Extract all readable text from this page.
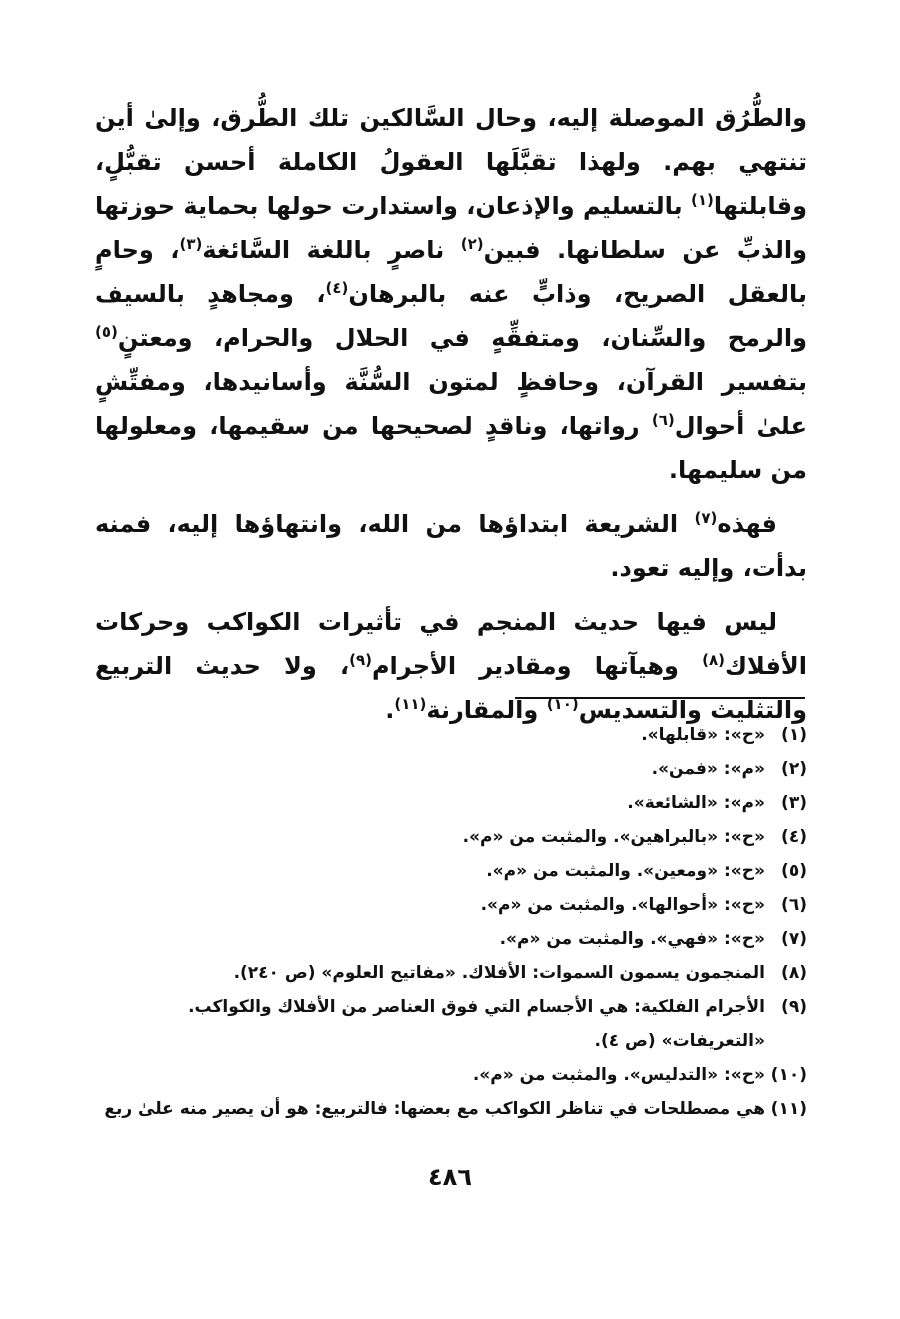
والطُّرُق الموصلة إليه، وحال السَّالكين تلك الطُّرق، وإلىٰ أين تنتهي بهم. ولهذا تقبَّلَها العقولُ الكاملة أحسن تقبُّلٍ، وقابلتها$^{(١)}$ بالتسليم والإذعان، واستدارت حولها بحماية حوزتها والذبِّ عن سلطانها. فبين$^{(٢)}$ ناصرٍ باللغة السَّائغة$^{(٣)}$، وحامٍ بالعقل الصريح، وذابٍّ عنه بالبرهان$^{(٤)}$، ومجاهدٍ بالسيف والرمح والسِّنان، ومتفقِّهٍ في الحلال والحرام، ومعتنٍ$^{(٥)}$ بتفسير القرآن، وحافظٍ لمتون السُّنَّة وأسانيدها، ومفتِّشٍ علىٰ أحوال$^{(٦)}$ رواتها، وناقدٍ لصحيحها من سقيمها، ومعلولها من سليمها.

فهذه$^{(٧)}$ الشريعة ابتداؤها من الله، وانتهاؤها إليه، فمنه بدأت، وإليه تعود.

ليس فيها حديث المنجم في تأثيرات الكواكب وحركات الأفلاك$^{(٨)}$ وهيآتها ومقادير الأجرام$^{(٩)}$، ولا حديث التربيع والتثليث والتسديس$^{(١٠)}$ والمقارنة$^{(١١)}$.

(١)
«ح»: «قابلها».
(٢)
«م»: «فمن».
(٣)
«م»: «الشائعة».
(٤)
«ح»: «بالبراهين». والمثبت من «م».
(٥)
«ح»: «ومعين». والمثبت من «م».
(٦)
«ح»: «أحوالها». والمثبت من «م».
(٧)
«ح»: «فهي». والمثبت من «م».
(٨)
المنجمون يسمون السموات: الأفلاك. «مفاتيح العلوم» (ص ٢٤٠).
(٩)
الأجرام الفلكية: هي الأجسام التي فوق العناصر من الأفلاك والكواكب. «التعريفات» (ص ٤).
(١٠)
«ح»: «التدليس». والمثبت من «م».
(١١)
هي مصطلحات في تناظر الكواكب مع بعضها: فالتربيع: هو أن يصير منه علىٰ ربع
٤٨٦
